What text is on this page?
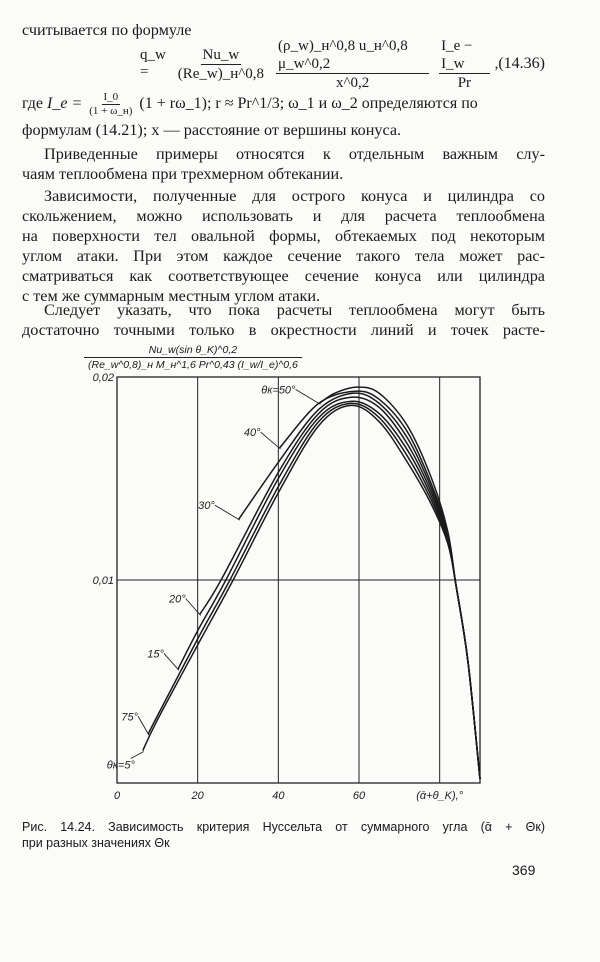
считывается по формуле
q_w =	$\frac{Nu\_w}{(Re\_w)\_н\^{}0,8} \frac{(\rho\_w)\_н\^{}0,8 u\_н\^{}0,8 \mu\_w\^{}0,2}{x\^{}0,2} \frac{I\_e - I\_w}{Pr}$ , (14.36)
где
I_e = $\frac{I\_0}{(1 + \omega\_н)} (1$ + rω_1); r ≈ Pr^1/3; ω_1 и ω_2 определяются по
формулам (14.21); x — расстояние от вершины конуса.
Приведенные примеры относятся к отдельным важным слу-
чаям теплообмена при трехмерном обтекании.
Зависимости, полученные для острого конуса и цилиндра со
скольжением, можно использовать и для расчета теплообмена
на поверхности тел овальной формы, обтекаемых под некоторым
углом атаки. При этом каждое сечение такого тела может рас-
сматриваться как соответствующее сечение конуса или цилиндра
с тем же суммарным местным углом атаки.
Следует указать, что пока расчеты теплообмена могут быть
достаточно точными только в окрестности линий и точек расте-
Nu_w(sin θ_K)^0,2
(Re_w^0,8)_н M_н^1,6 Pr^0,43 (I_w/I_e)^0,6
0	20	40	60
0,02
0,01
(ᾱ+θ_K),°
θк=5°
75°
15°
20°
30°
40°
θк=50°
Рис. 14.24. Зависимость критерия Нуссельта от суммарного угла (ᾱ + Θк)
при разных значениях Θк
369
